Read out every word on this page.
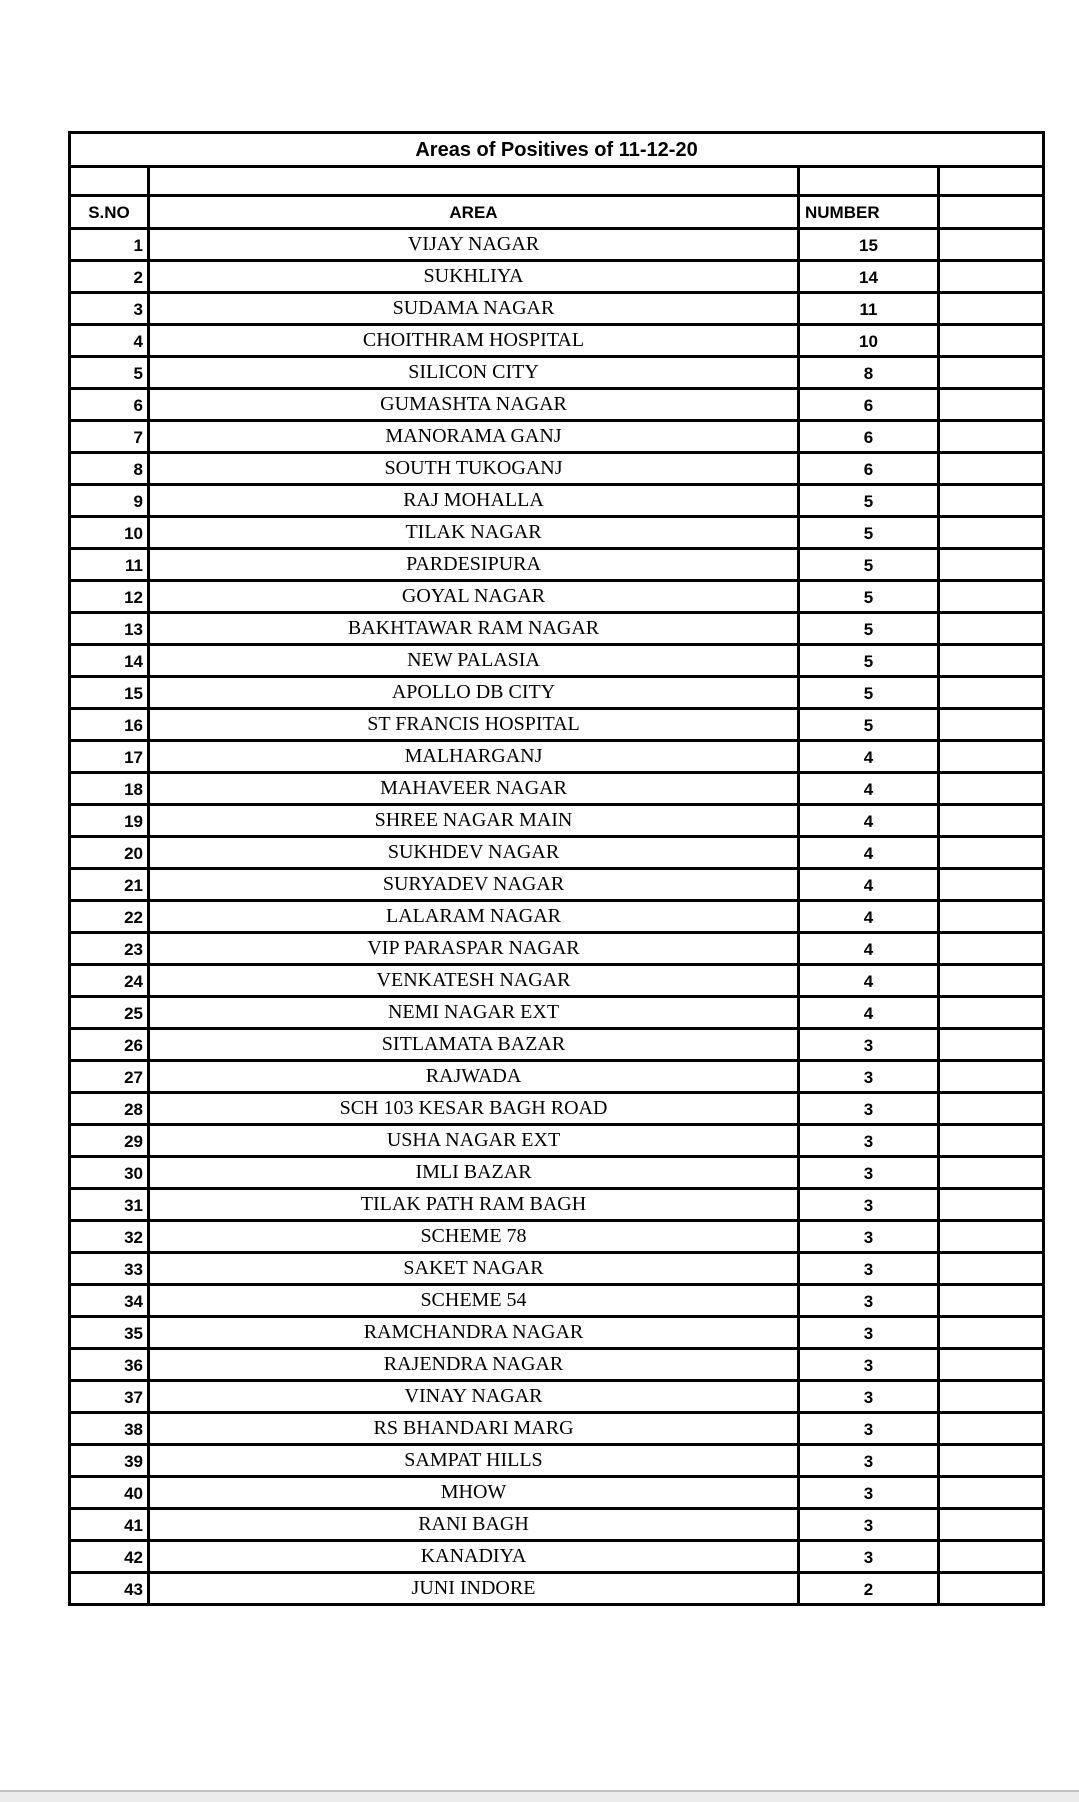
Areas of Positives of 11-12-20			

S.NO	AREA	NUMBER	
1	VIJAY NAGAR	15	
2	SUKHLIYA	14	
3	SUDAMA NAGAR	11	
4	CHOITHRAM HOSPITAL	10	
5	SILICON CITY	8	
6	GUMASHTA NAGAR	6	
7	MANORAMA GANJ	6	
8	SOUTH TUKOGANJ	6	
9	RAJ MOHALLA	5	
10	TILAK NAGAR	5	
11	PARDESIPURA	5	
12	GOYAL NAGAR	5	
13	BAKHTAWAR RAM NAGAR	5	
14	NEW PALASIA	5	
15	APOLLO DB CITY	5	
16	ST FRANCIS HOSPITAL	5	
17	MALHARGANJ	4	
18	MAHAVEER NAGAR	4	
19	SHREE NAGAR MAIN	4	
20	SUKHDEV NAGAR	4	
21	SURYADEV NAGAR	4	
22	LALARAM NAGAR	4	
23	VIP PARASPAR NAGAR	4	
24	VENKATESH NAGAR	4	
25	NEMI NAGAR EXT	4	
26	SITLAMATA BAZAR	3	
27	RAJWADA	3	
28	SCH 103 KESAR BAGH ROAD	3	
29	USHA NAGAR EXT	3	
30	IMLI BAZAR	3	
31	TILAK PATH RAM BAGH	3	
32	SCHEME 78	3	
33	SAKET NAGAR	3	
34	SCHEME 54	3	
35	RAMCHANDRA NAGAR	3	
36	RAJENDRA NAGAR	3	
37	VINAY NAGAR	3	
38	RS BHANDARI MARG	3	
39	SAMPAT HILLS	3	
40	MHOW	3	
41	RANI BAGH	3	
42	KANADIYA	3	
43	JUNI INDORE	2	
